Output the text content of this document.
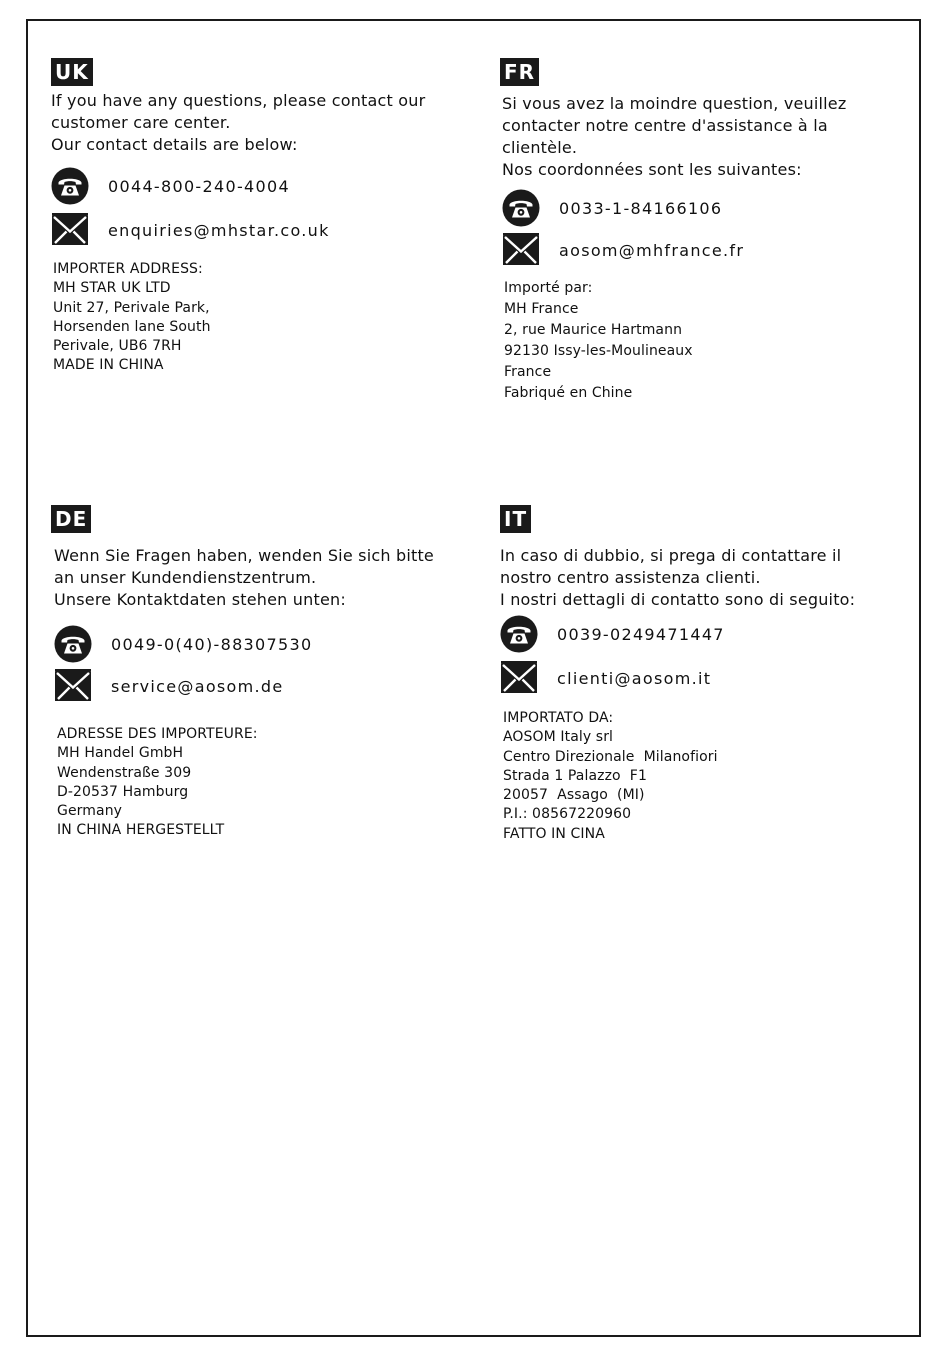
UK
If you have any questions, please contact our
customer care center.
Our contact details are below:
0044-800-240-4004
enquiries@mhstar.co.uk
IMPORTER ADDRESS:
MH STAR UK LTD
Unit 27, Perivale Park,
Horsenden lane South
Perivale, UB6 7RH
MADE IN CHINA
FR
Si vous avez la moindre question, veuillez
contacter notre centre d'assistance à la
clientèle.
Nos coordonnées sont les suivantes:
0033-1-84166106
aosom@mhfrance.fr
Importé par:
MH France
2, rue Maurice Hartmann
92130 Issy-les-Moulineaux
France
Fabriqué en Chine
DE
Wenn Sie Fragen haben, wenden Sie sich bitte
an unser Kundendienstzentrum.
Unsere Kontaktdaten stehen unten:
0049-0(40)-88307530
service@aosom.de
ADRESSE DES IMPORTEURE:
MH Handel GmbH
Wendenstraße 309
D-20537 Hamburg
Germany
IN CHINA HERGESTELLT
IT
In caso di dubbio, si prega di contattare il
nostro centro assistenza clienti.
I nostri dettagli di contatto sono di seguito:
0039-0249471447
clienti@aosom.it
IMPORTATO DA:
AOSOM Italy srl
Centro Direzionale  Milanofiori
Strada 1 Palazzo  F1
20057  Assago  (MI)
P.I.: 08567220960
FATTO IN CINA
